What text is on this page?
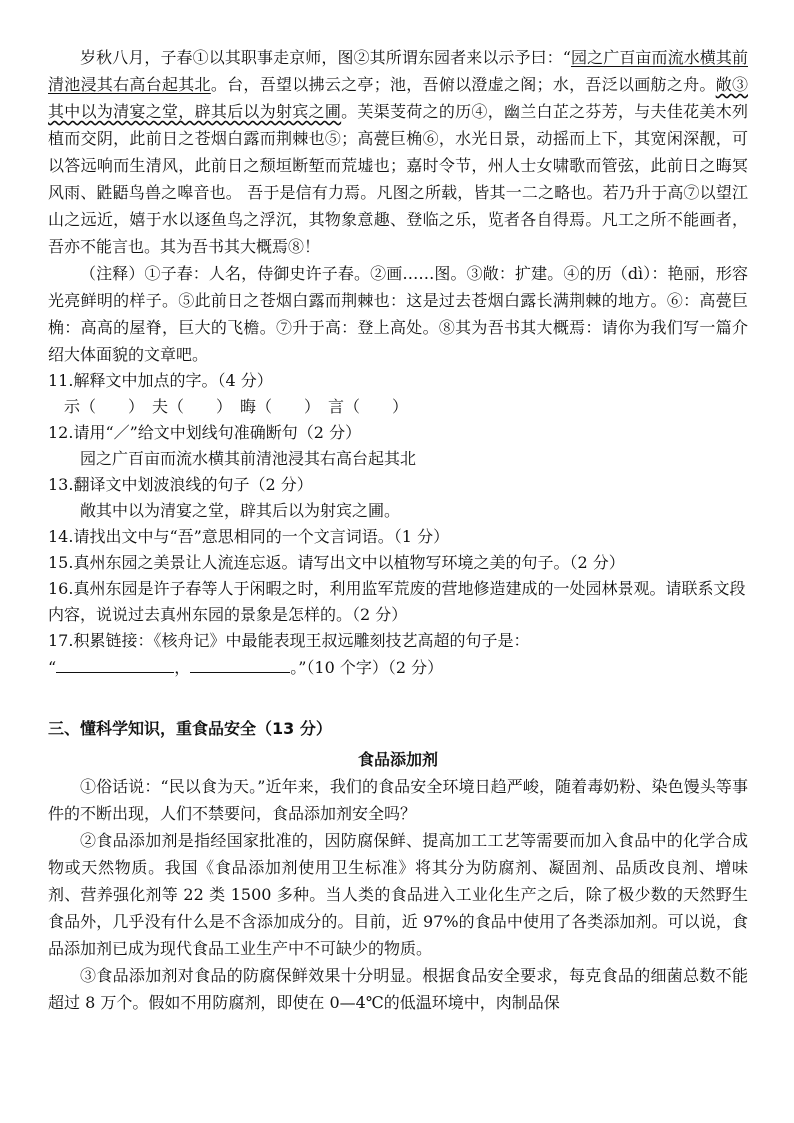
岁秋八月，子春①以其职事走京师，图②其所谓东园者来以示予曰：“园之广百亩而流水横其前清池浸其右高台起其北。台，吾望以拂云之亭；池，吾俯以澄虚之阁；水，吾泛以画舫之舟。敞③其中以为清宴之堂，辟其后以为射宾之圃。芙渠芰荷之的历④，幽兰白芷之芬芳，与夫佳花美木列植而交阴，此前日之苍烟白露而荆棘也⑤；高甍巨桷⑥，水光日景，动摇而上下，其宽闲深靓，可以答远响而生清风，此前日之颓垣断堑而荒墟也；嘉时令节，州人士女啸歌而管弦，此前日之晦冥风雨、鼪鼯鸟兽之嗥音也。 吾于是信有力焉。凡图之所载，皆其一二之略也。若乃升于高⑦以望江山之远近，嬉于水以逐鱼鸟之浮沉，其物象意趣、登临之乐，览者各自得焉。凡工之所不能画者，吾亦不能言也。其为吾书其大概焉⑧！

（注释）①子春：人名，侍御史许子春。②画……图。③敞：扩建。④的历（dì）：艳丽，形容光亮鲜明的样子。⑤此前日之苍烟白露而荆棘也：这是过去苍烟白露长满荆棘的地方。⑥：高甍巨桷：高高的屋脊，巨大的飞檐。⑦升于高：登上高处。⑧其为吾书其大概焉：请你为我们写一篇介绍大体面貌的文章吧。

11.解释文中加点的字。（4 分）

示（　　）　夫（　　）　晦（　　）　言（　　）

12.请用“／”给文中划线句准确断句（2 分）

园之广百亩而流水横其前清池浸其右高台起其北

13.翻译文中划波浪线的句子（2 分）

敞其中以为清宴之堂，辟其后以为射宾之圃。

14.请找出文中与“吾”意思相同的一个文言词语。（1 分）

15.真州东园之美景让人流连忘返。请写出文中以植物写环境之美的句子。（2 分）

16.真州东园是许子春等人于闲暇之时，利用监军荒废的营地修造建成的一处园林景观。请联系文段内容，说说过去真州东园的景象是怎样的。（2 分）

17.积累链接：《核舟记》中最能表现王叔远雕刻技艺高超的句子是：

“	，	。”（10 个字）（2 分）

三、懂科学知识，重食品安全（13 分）

食品添加剂

①俗话说：“民以食为天。”近年来，我们的食品安全环境日趋严峻，随着毒奶粉、染色馒头等事件的不断出现，人们不禁要问，食品添加剂安全吗？

②食品添加剂是指经国家批准的，因防腐保鲜、提高加工工艺等需要而加入食品中的化学合成物或天然物质。我国《食品添加剂使用卫生标准》将其分为防腐剂、凝固剂、品质改良剂、增味剂、营养强化剂等 22 类 1500 多种。当人类的食品进入工业化生产之后，除了极少数的天然野生食品外，几乎没有什么是不含添加成分的。目前，近 97%的食品中使用了各类添加剂。可以说，食品添加剂已成为现代食品工业生产中不可缺少的物质。

③食品添加剂对食品的防腐保鲜效果十分明显。根据食品安全要求，每克食品的细菌总数不能超过 8 万个。假如不用防腐剂，即使在 0—4℃的低温环境中，肉制品保
